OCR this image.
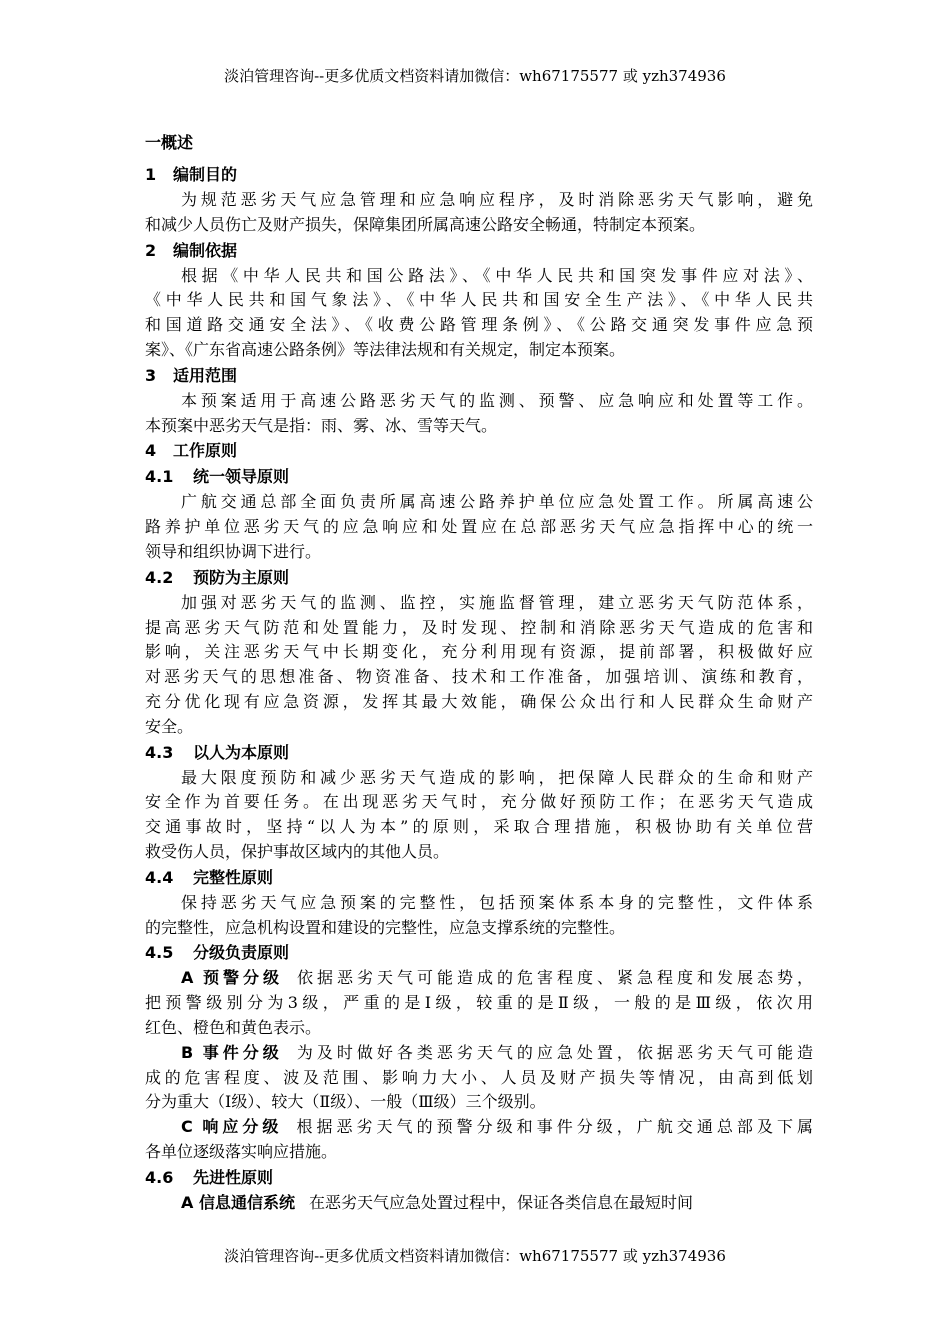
淡泊管理咨询--更多优质文档资料请加微信：wh67175577 或 yzh374936
一概述
1 编制目的
为规范恶劣天气应急管理和应急响应程序，及时消除恶劣天气影响，避免
和减少人员伤亡及财产损失，保障集团所属高速公路安全畅通，特制定本预案。
2 编制依据
根据《中华人民共和国公路法》、《中华人民共和国突发事件应对法》、
《中华人民共和国气象法》、《中华人民共和国安全生产法》、《中华人民共
和国道路交通安全法》、《收费公路管理条例》、《公路交通突发事件应急预
案》、《广东省高速公路条例》等法律法规和有关规定，制定本预案。
3 适用范围
本预案适用于高速公路恶劣天气的监测、预警、应急响应和处置等工作。
本预案中恶劣天气是指：雨、雾、冰、雪等天气。
4 工作原则
4.1 统一领导原则
广航交通总部全面负责所属高速公路养护单位应急处置工作。所属高速公
路养护单位恶劣天气的应急响应和处置应在总部恶劣天气应急指挥中心的统一
领导和组织协调下进行。
4.2 预防为主原则
加强对恶劣天气的监测、监控，实施监督管理，建立恶劣天气防范体系，
提高恶劣天气防范和处置能力，及时发现、控制和消除恶劣天气造成的危害和
影响，关注恶劣天气中长期变化，充分利用现有资源，提前部署，积极做好应
对恶劣天气的思想准备、物资准备、技术和工作准备，加强培训、演练和教育，
充分优化现有应急资源，发挥其最大效能，确保公众出行和人民群众生命财产
安全。
4.3 以人为本原则
最大限度预防和减少恶劣天气造成的影响，把保障人民群众的生命和财产
安全作为首要任务。在出现恶劣天气时，充分做好预防工作；在恶劣天气造成
交通事故时，坚持“以人为本”的原则，采取合理措施，积极协助有关单位营
救受伤人员，保护事故区域内的其他人员。
4.4 完整性原则
保持恶劣天气应急预案的完整性，包括预案体系本身的完整性，文件体系
的完整性，应急机构设置和建设的完整性，应急支撑系统的完整性。
4.5 分级负责原则
A 预警分级 依据恶劣天气可能造成的危害程度、紧急程度和发展态势，
把预警级别分为3级，严重的是Ⅰ级，较重的是Ⅱ级，一般的是Ⅲ级，依次用
红色、橙色和黄色表示。
B 事件分级 为及时做好各类恶劣天气的应急处置，依据恶劣天气可能造
成的危害程度、波及范围、影响力大小、人员及财产损失等情况，由高到低划
分为重大（Ⅰ级）、较大（Ⅱ级）、一般（Ⅲ级）三个级别。
C 响应分级 根据恶劣天气的预警分级和事件分级，广航交通总部及下属
各单位逐级落实响应措施。
4.6 先进性原则
A 信息通信系统 在恶劣天气应急处置过程中，保证各类信息在最短时间
淡泊管理咨询--更多优质文档资料请加微信：wh67175577 或 yzh374936
